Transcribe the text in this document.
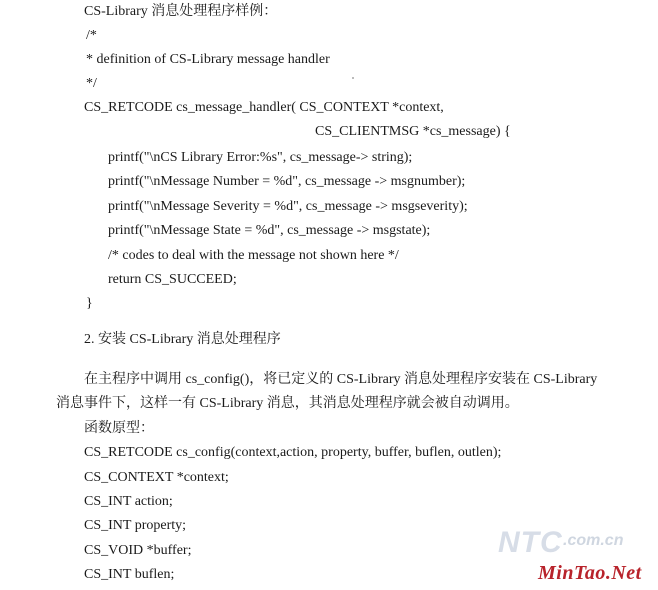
CS-Library 消息处理程序样例：
/*
* definition of CS-Library message handler
*/
CS_RETCODE cs_message_handler( CS_CONTEXT *context,
CS_CLIENTMSG *cs_message) {
printf("\nCS Library Error:%s", cs_message-> string);
printf("\nMessage Number = %d", cs_message -> msgnumber);
printf("\nMessage Severity = %d", cs_message -> msgseverity);
printf("\nMessage State = %d", cs_message -> msgstate);
/* codes to deal with the message not shown here */
return CS_SUCCEED;
}
2. 安装 CS-Library 消息处理程序
在主程序中调用 cs_config()，将已定义的 CS-Library 消息处理程序安装在 CS-Library
消息事件下，这样一有 CS-Library 消息，其消息处理程序就会被自动调用。
函数原型：
CS_RETCODE cs_config(context,action, property, buffer, buflen, outlen);
CS_CONTEXT *context;
CS_INT action;
CS_INT property;
CS_VOID *buffer;
CS_INT buflen;
NTC .com.cn
MinTao.Net
